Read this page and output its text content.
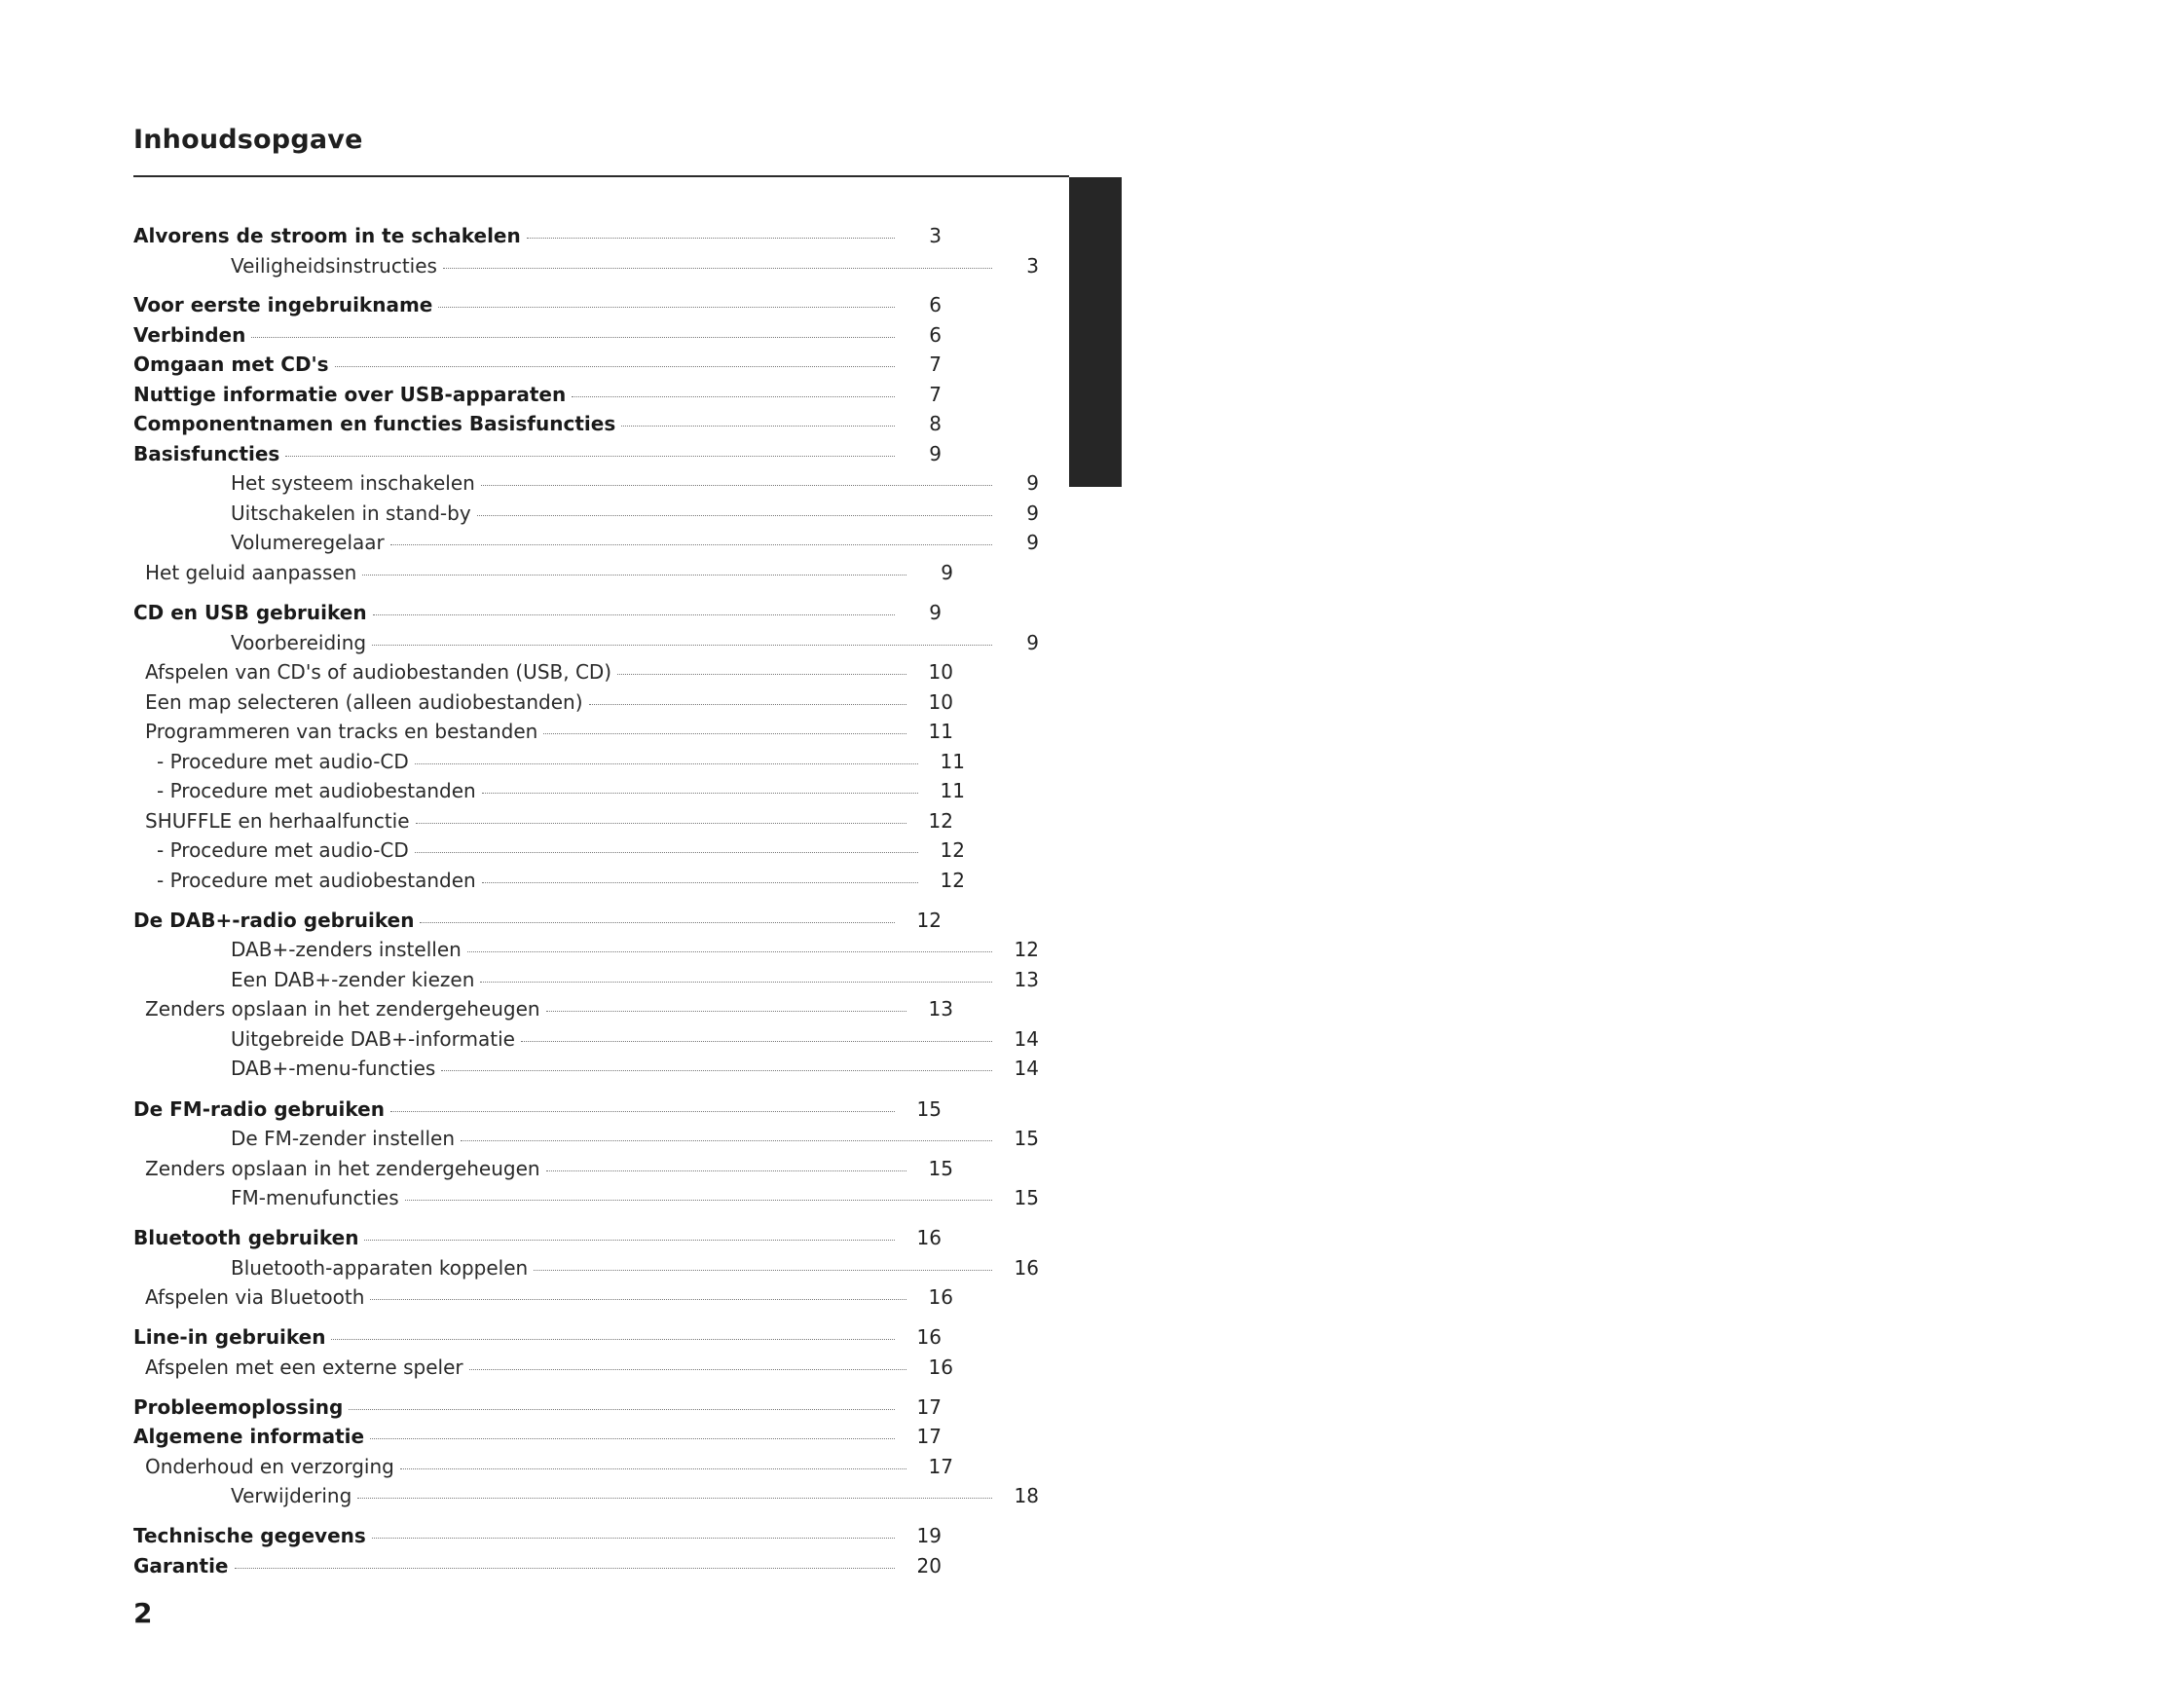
Inhoudsopgave
NEDERLANDS
Alvorens de stroom in te schakelen	3
Veiligheidsinstructies	3
Voor eerste ingebruikname	6
Verbinden	6
Omgaan met CD's	7
Nuttige informatie over USB-apparaten	7
Componentnamen en functies Basisfuncties	8
Basisfuncties	9
Het systeem inschakelen	9
Uitschakelen in stand-by	9
Volumeregelaar	9
Het geluid aanpassen	9
CD en USB gebruiken	9
Voorbereiding	9
Afspelen van CD's of audiobestanden (USB, CD)	10
Een map selecteren (alleen audiobestanden)	10
Programmeren van tracks en bestanden	11
- Procedure met audio-CD	11
- Procedure met audiobestanden	11
SHUFFLE en herhaalfunctie	12
- Procedure met audio-CD	12
- Procedure met audiobestanden	12
De DAB+-radio gebruiken	12
DAB+-zenders instellen	12
Een DAB+-zender kiezen	13
Zenders opslaan in het zendergeheugen	13
Uitgebreide DAB+-informatie	14
DAB+-menu-functies	14
De FM-radio gebruiken	15
De FM-zender instellen	15
Zenders opslaan in het zendergeheugen	15
FM-menufuncties	15
Bluetooth gebruiken	16
Bluetooth-apparaten koppelen	16
Afspelen via Bluetooth	16
Line-in gebruiken	16
Afspelen met een externe speler	16
Probleemoplossing	17
Algemene informatie	17
Onderhoud en verzorging	17
Verwijdering	18
Technische gegevens	19
Garantie	20
2
